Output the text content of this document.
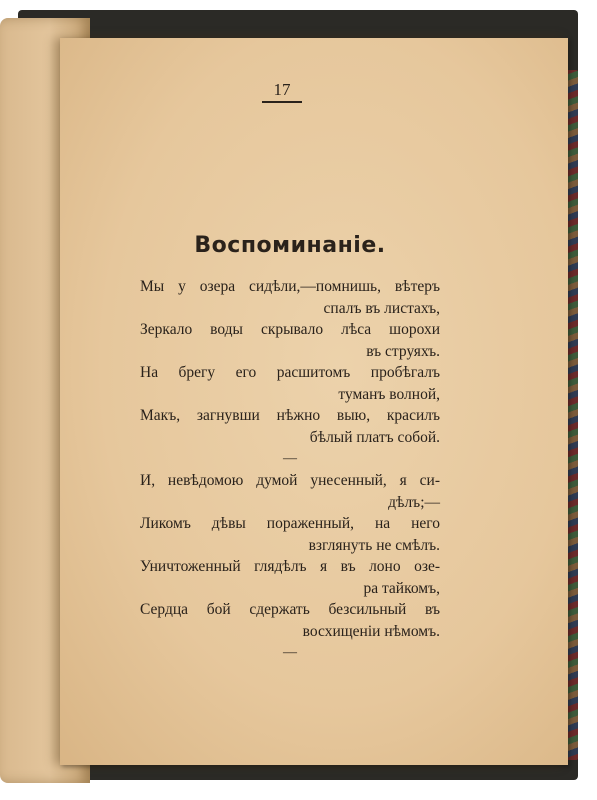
17
Воспоминаніе.
Мы у озера сидѣли,—помнишь, вѣтеръ
спалъ въ листахъ,
Зеркало воды скрывало лѣса шорохи
въ струяхъ.
На брегу его расшитомъ пробѣгалъ
туманъ волной,
Макъ, загнувши нѣжно выю, красилъ
бѣлый платъ собой.
—
И, невѣдомою думой унесенный, я си-
дѣлъ;—
Ликомъ дѣвы пораженный, на него
взглянуть не смѣлъ.
Уничтоженный глядѣлъ я въ лоно озе-
ра тайкомъ,
Сердца бой сдержать безсильный въ
восхищеніи нѣмомъ.
—
